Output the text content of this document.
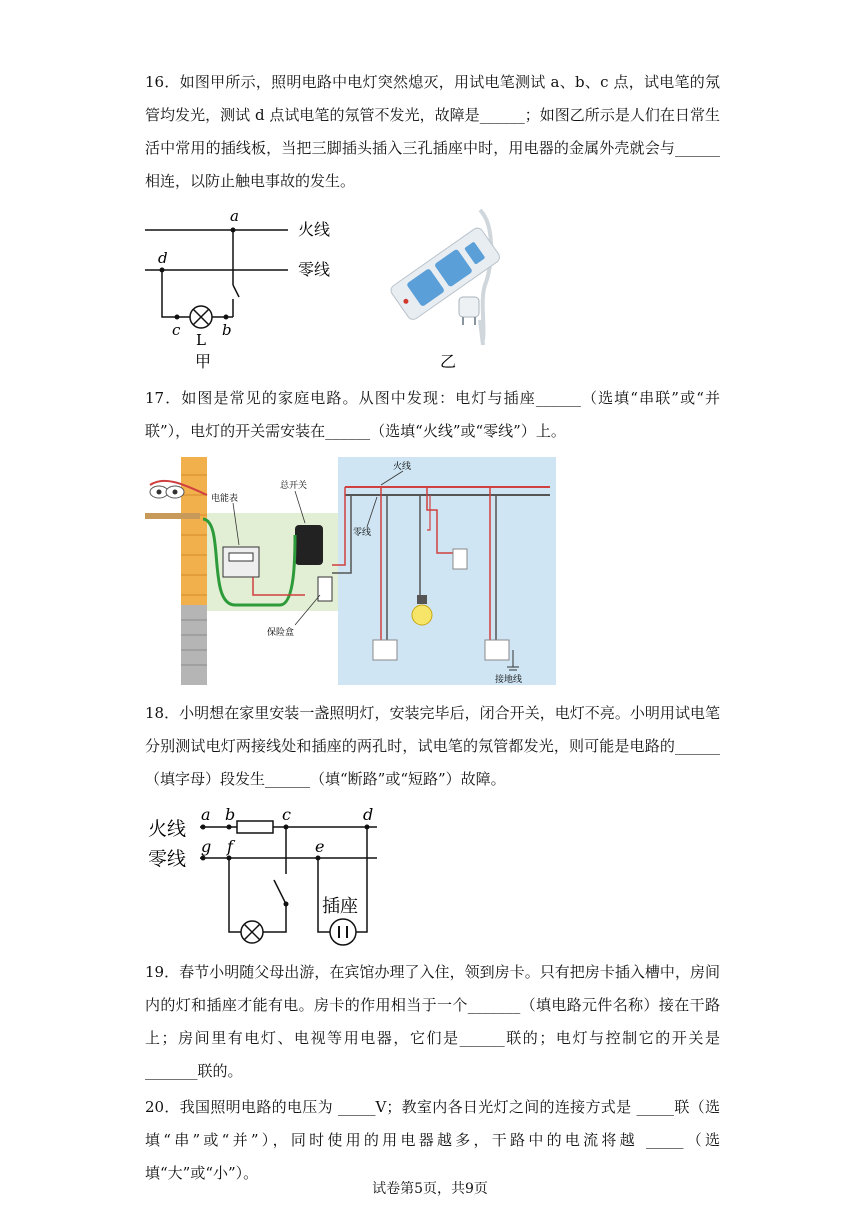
16．如图甲所示，照明电路中电灯突然熄灭，用试电笔测试 a、b、c 点，试电笔的氖管均发光，测试 d 点试电笔的氖管不发光，故障是______；如图乙所示是人们在日常生活中常用的插线板，当把三脚插头插入三孔插座中时，用电器的金属外壳就会与______相连，以防止触电事故的发生。

火线
零线
a
d
c	b
L
甲	乙

17．如图是常见的家庭电路。从图中发现：电灯与插座______（选填“串联”或“并联”），电灯的开关需安装在______（选填“火线”或“零线”）上。

电能表
总开关
保险盒
火线
零线
接地线

18．小明想在家里安装一盏照明灯，安装完毕后，闭合开关，电灯不亮。小明用试电笔分别测试电灯两接线处和插座的两孔时，试电笔的氖管都发光，则可能是电路的______（填字母）段发生______（填“断路”或“短路”）故障。

火线
零线
a b	c	d
g f	e
插座

19．春节小明随父母出游，在宾馆办理了入住，领到房卡。只有把房卡插入槽中，房间内的灯和插座才能有电。房卡的作用相当于一个_______（填电路元件名称）接在干路上；房间里有电灯、电视等用电器，它们是______联的；电灯与控制它的开关是_______联的。

20．我国照明电路的电压为 _____V；教室内各日光灯之间的连接方式是 _____联（选填“串”或“并”），同时使用的用电器越多，干路中的电流将越 _____（选填“大”或“小”）。

试卷第5页，共9页
